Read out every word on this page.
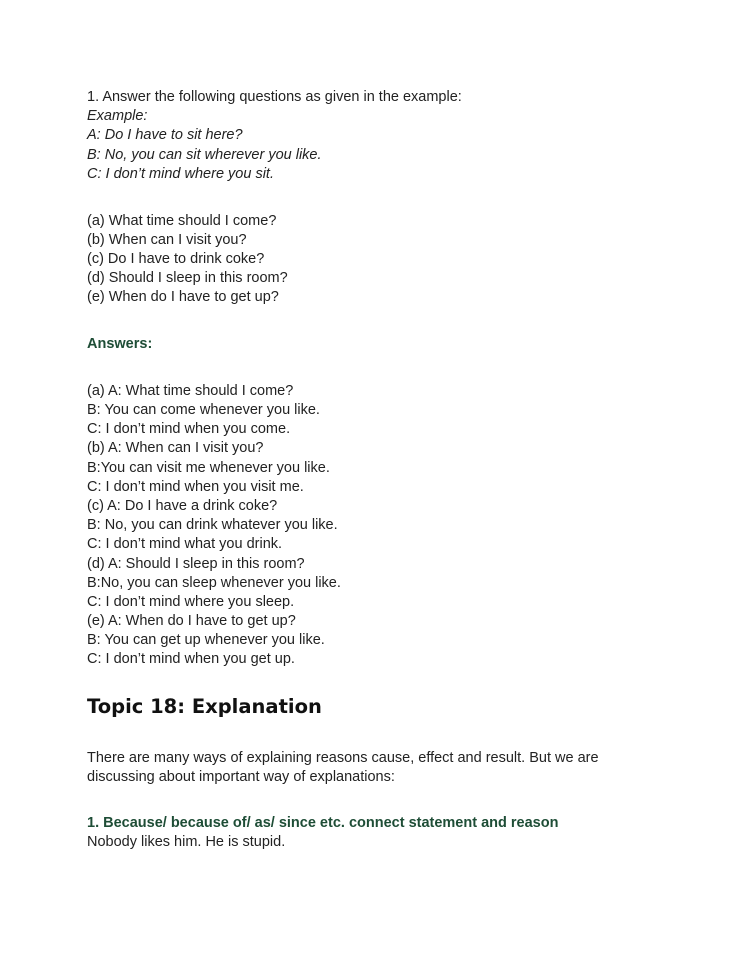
1. Answer the following questions as given in the example:
Example:
A: Do I have to sit here?
B: No, you can sit wherever you like.
C: I don’t mind where you sit.
(a) What time should I come?
(b) When can I visit you?
(c) Do I have to drink coke?
(d) Should I sleep in this room?
(e) When do I have to get up?
Answers:
(a) A: What time should I come?
B: You can come whenever you like.
C: I don’t mind when you come.
(b) A: When can I visit you?
B:You can visit me whenever you like.
C: I don’t mind when you visit me.
(c) A: Do I have a drink coke?
B: No, you can drink whatever you like.
C: I don’t mind what you drink.
(d) A: Should I sleep in this room?
B:No, you can sleep whenever you like.
C: I don’t mind where you sleep.
(e) A: When do I have to get up?
B: You can get up whenever you like.
C: I don’t mind when you get up.
Topic 18: Explanation
There are many ways of explaining reasons cause, effect and result. But we are discussing about important way of explanations:
1. Because/ because of/ as/ since etc. connect statement and reason
Nobody likes him. He is stupid.
